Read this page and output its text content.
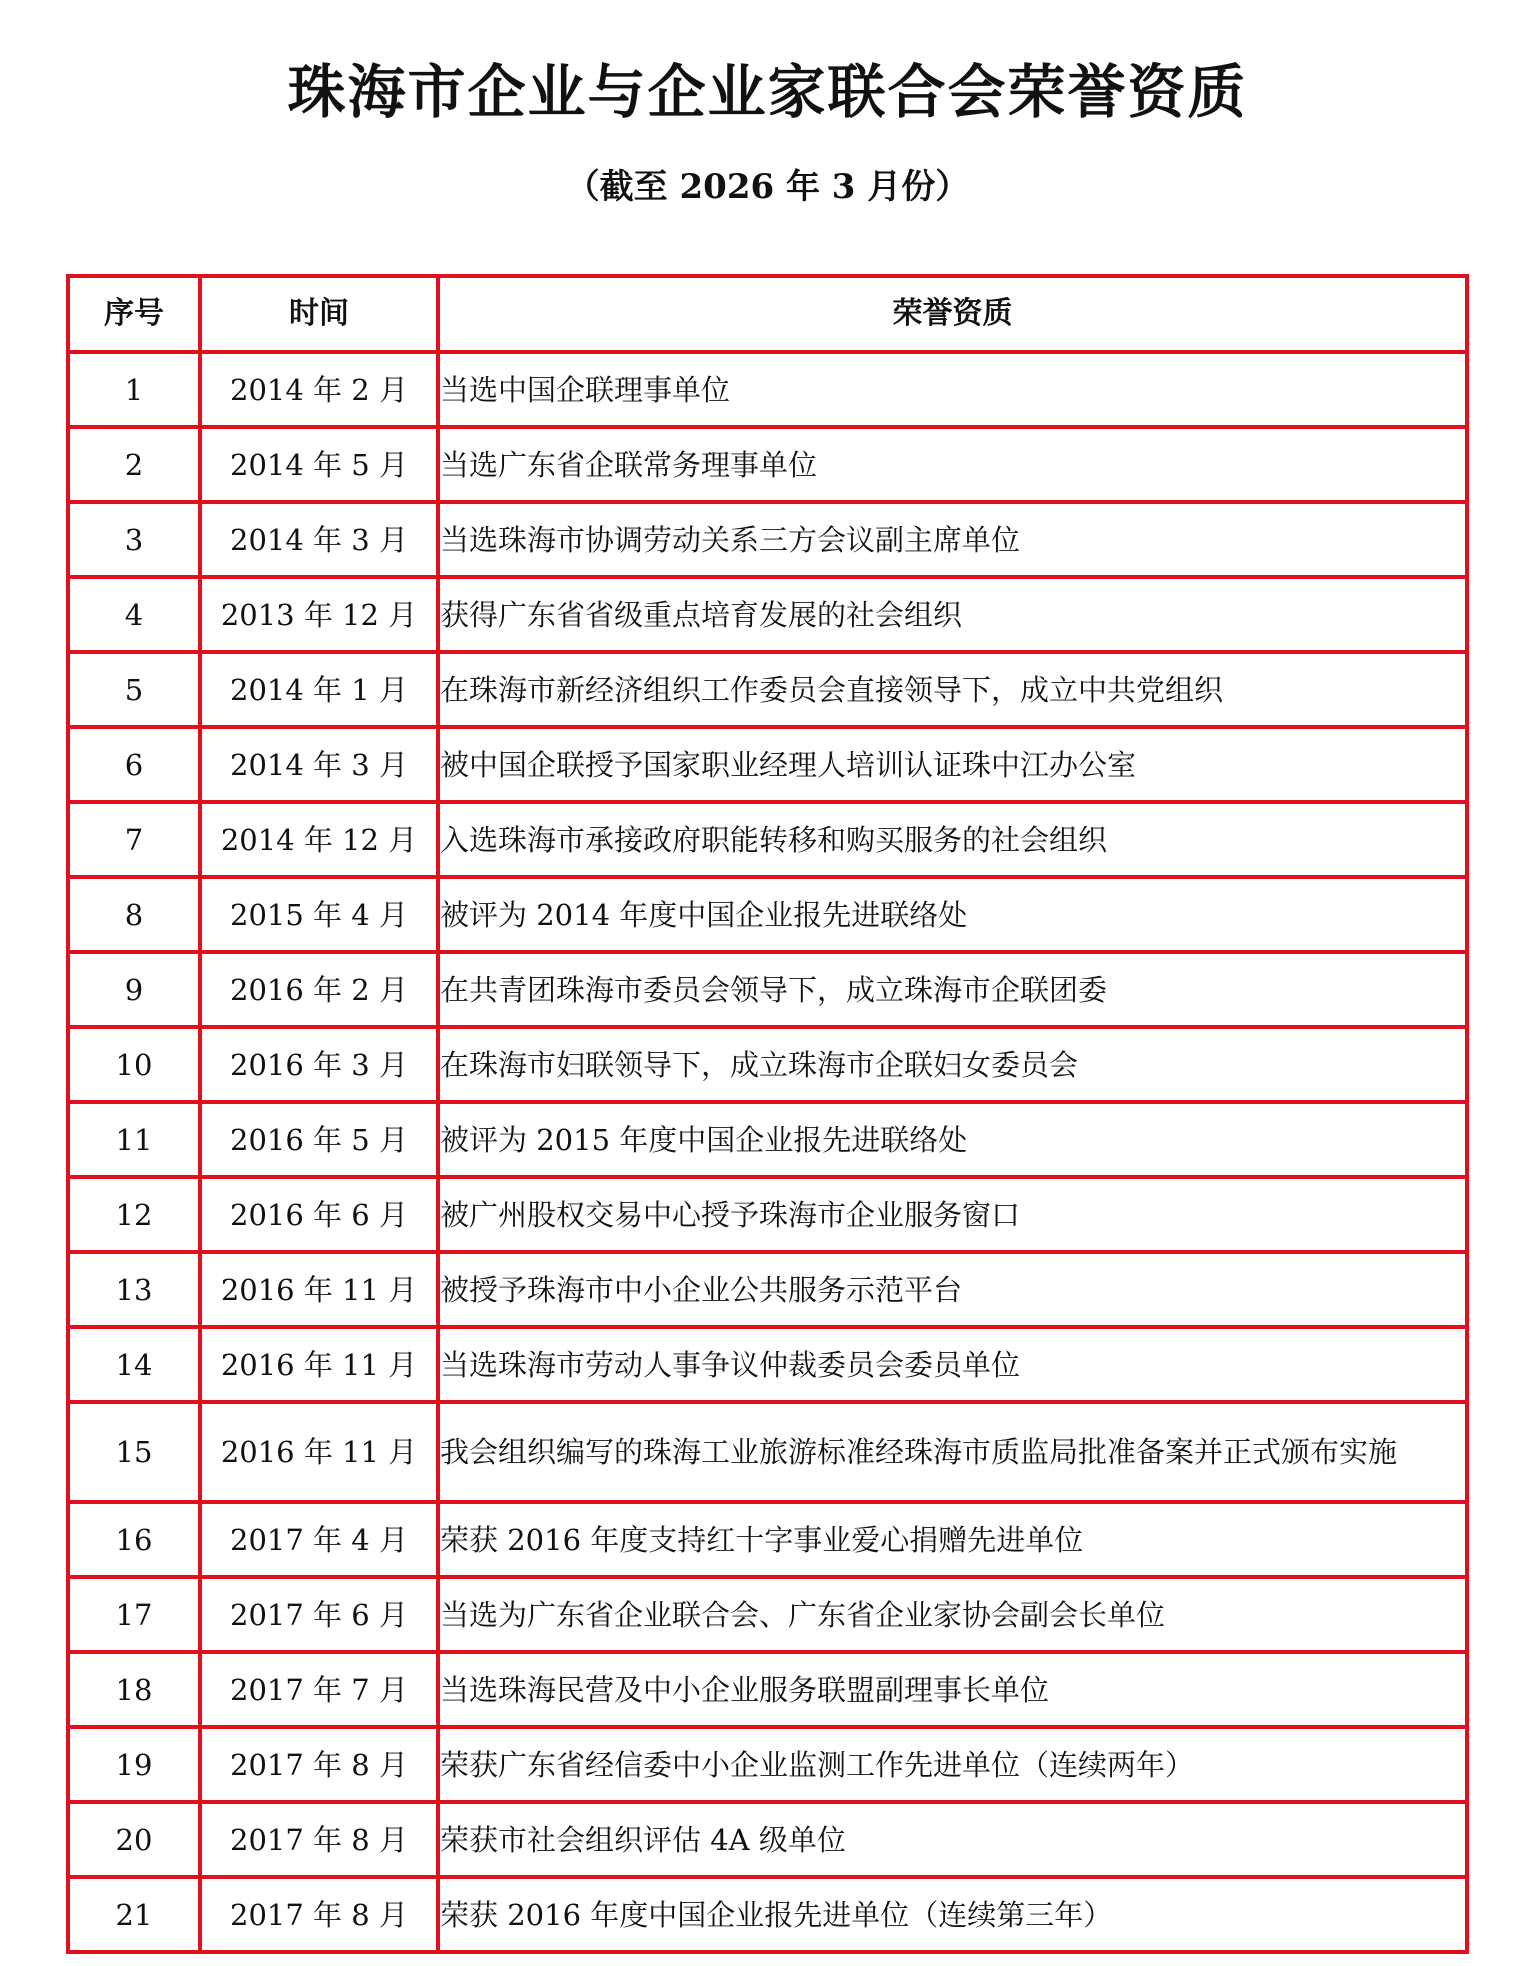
珠海市企业与企业家联合会荣誉资质
（截至 2026 年 3 月份）
序号	时间	荣誉资质
1	2014 年 2 月	当选中国企联理事单位
2	2014 年 5 月	当选广东省企联常务理事单位
3	2014 年 3 月	当选珠海市协调劳动关系三方会议副主席单位
4	2013 年 12 月	获得广东省省级重点培育发展的社会组织
5	2014 年 1 月	在珠海市新经济组织工作委员会直接领导下，成立中共党组织
6	2014 年 3 月	被中国企联授予国家职业经理人培训认证珠中江办公室
7	2014 年 12 月	入选珠海市承接政府职能转移和购买服务的社会组织
8	2015 年 4 月	被评为 2014 年度中国企业报先进联络处
9	2016 年 2 月	在共青团珠海市委员会领导下，成立珠海市企联团委
10	2016 年 3 月	在珠海市妇联领导下，成立珠海市企联妇女委员会
11	2016 年 5 月	被评为 2015 年度中国企业报先进联络处
12	2016 年 6 月	被广州股权交易中心授予珠海市企业服务窗口
13	2016 年 11 月	被授予珠海市中小企业公共服务示范平台
14	2016 年 11 月	当选珠海市劳动人事争议仲裁委员会委员单位
15	2016 年 11 月	我会组织编写的珠海工业旅游标准经珠海市质监局批准备案并正式颁布实施
16	2017 年 4 月	荣获 2016 年度支持红十字事业爱心捐赠先进单位
17	2017 年 6 月	当选为广东省企业联合会、广东省企业家协会副会长单位
18	2017 年 7 月	当选珠海民营及中小企业服务联盟副理事长单位
19	2017 年 8 月	荣获广东省经信委中小企业监测工作先进单位（连续两年）
20	2017 年 8 月	荣获市社会组织评估 4A 级单位
21	2017 年 8 月	荣获 2016 年度中国企业报先进单位（连续第三年）
